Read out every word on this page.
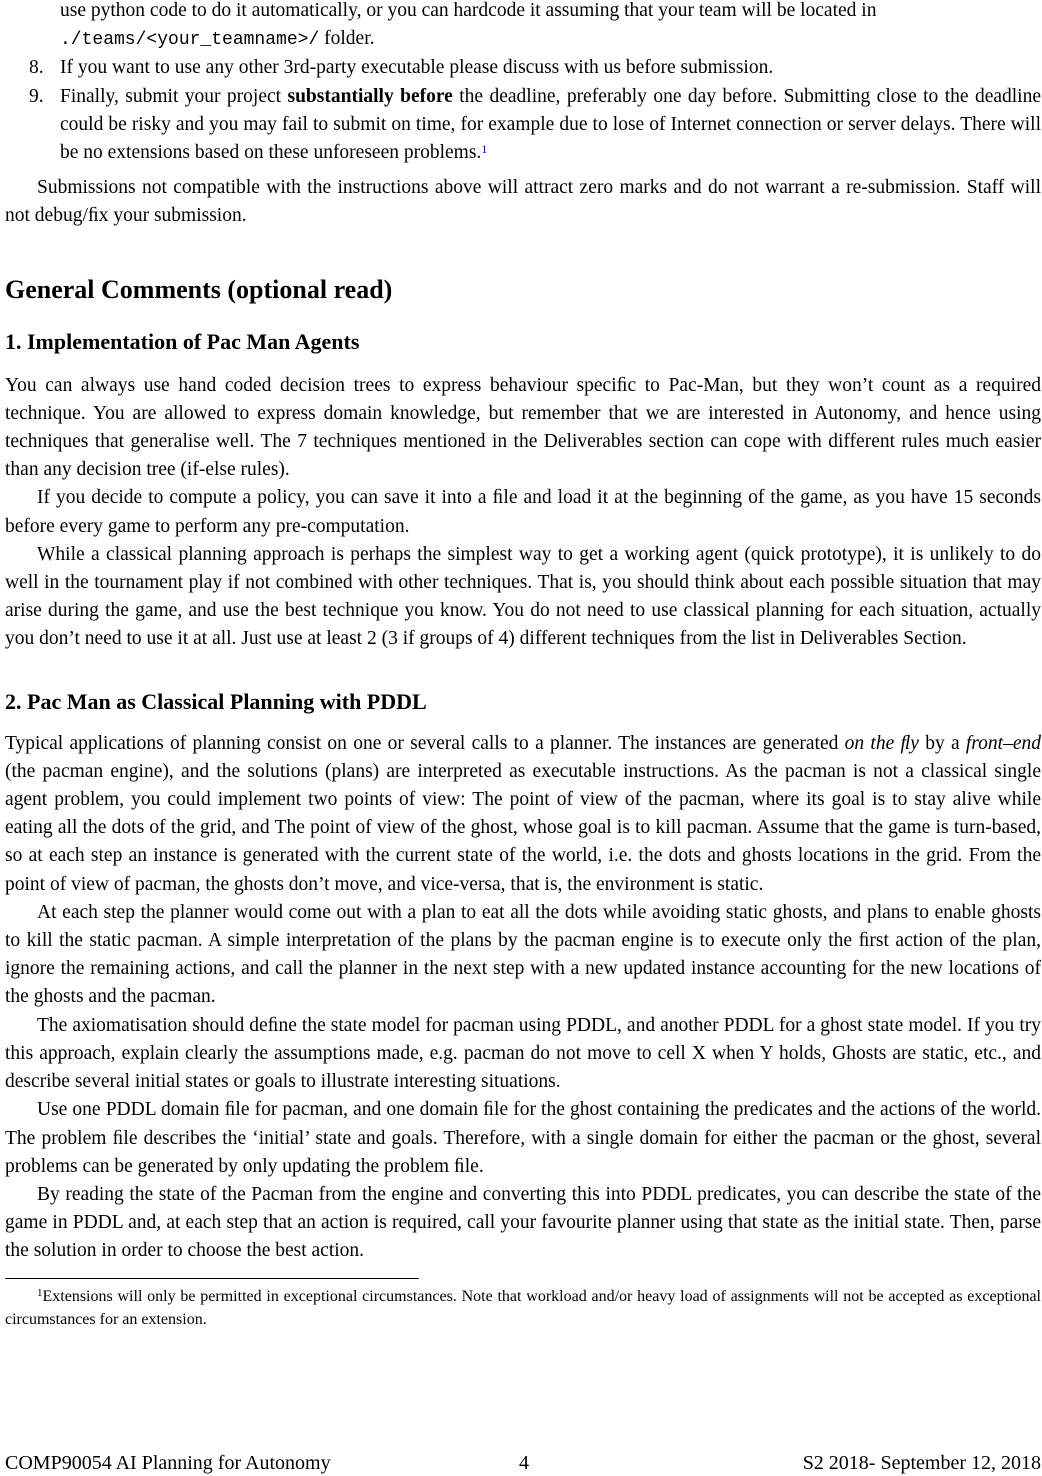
use python code to do it automatically, or you can hardcode it assuming that your team will be located in
./teams/<your_teamname>/ folder.
8. If you want to use any other 3rd-party executable please discuss with us before submission.
9. Finally, submit your project substantially before the deadline, preferably one day before. Submitting close to the deadline could be risky and you may fail to submit on time, for example due to lose of Internet connection or server delays. There will be no extensions based on these unforeseen problems.$^1$

Submissions not compatible with the instructions above will attract zero marks and do not warrant a re-submission. Staff will not debug/ﬁx your submission.

General Comments (optional read)
1. Implementation of Pac Man Agents

You can always use hand coded decision trees to express behaviour speciﬁc to Pac-Man, but they won’t count as a required technique. You are allowed to express domain knowledge, but remember that we are interested in Autonomy, and hence using techniques that generalise well. The 7 techniques mentioned in the Deliverables section can cope with different rules much easier than any decision tree (if-else rules).

If you decide to compute a policy, you can save it into a ﬁle and load it at the beginning of the game, as you have 15 seconds before every game to perform any pre-computation.

While a classical planning approach is perhaps the simplest way to get a working agent (quick prototype), it is unlikely to do well in the tournament play if not combined with other techniques. That is, you should think about each possible situation that may arise during the game, and use the best technique you know. You do not need to use classical planning for each situation, actually you don’t need to use it at all. Just use at least 2 (3 if groups of 4) different techniques from the list in Deliverables Section.

2. Pac Man as Classical Planning with PDDL

Typical applications of planning consist on one or several calls to a planner. The instances are generated on the ﬂy by a front–end (the pacman engine), and the solutions (plans) are interpreted as executable instructions. As the pacman is not a classical single agent problem, you could implement two points of view: The point of view of the pacman, where its goal is to stay alive while eating all the dots of the grid, and The point of view of the ghost, whose goal is to kill pacman. Assume that the game is turn-based, so at each step an instance is generated with the current state of the world, i.e. the dots and ghosts locations in the grid. From the point of view of pacman, the ghosts don’t move, and vice-versa, that is, the environment is static.

At each step the planner would come out with a plan to eat all the dots while avoiding static ghosts, and plans to enable ghosts to kill the static pacman. A simple interpretation of the plans by the pacman engine is to execute only the ﬁrst action of the plan, ignore the remaining actions, and call the planner in the next step with a new updated instance accounting for the new locations of the ghosts and the pacman.

The axiomatisation should deﬁne the state model for pacman using PDDL, and another PDDL for a ghost state model. If you try this approach, explain clearly the assumptions made, e.g. pacman do not move to cell X when Y holds, Ghosts are static, etc., and describe several initial states or goals to illustrate interesting situations.

Use one PDDL domain ﬁle for pacman, and one domain ﬁle for the ghost containing the predicates and the actions of the world. The problem ﬁle describes the ‘initial’ state and goals. Therefore, with a single domain for either the pacman or the ghost, several problems can be generated by only updating the problem ﬁle.

By reading the state of the Pacman from the engine and converting this into PDDL predicates, you can describe the state of the game in PDDL and, at each step that an action is required, call your favourite planner using that state as the initial state. Then, parse the solution in order to choose the best action.

$^1$Extensions will only be permitted in exceptional circumstances. Note that workload and/or heavy load of assignments will not be accepted as exceptional circumstances for an extension.

COMP90054 AI Planning for Autonomy	4	S2 2018- September 12, 2018
